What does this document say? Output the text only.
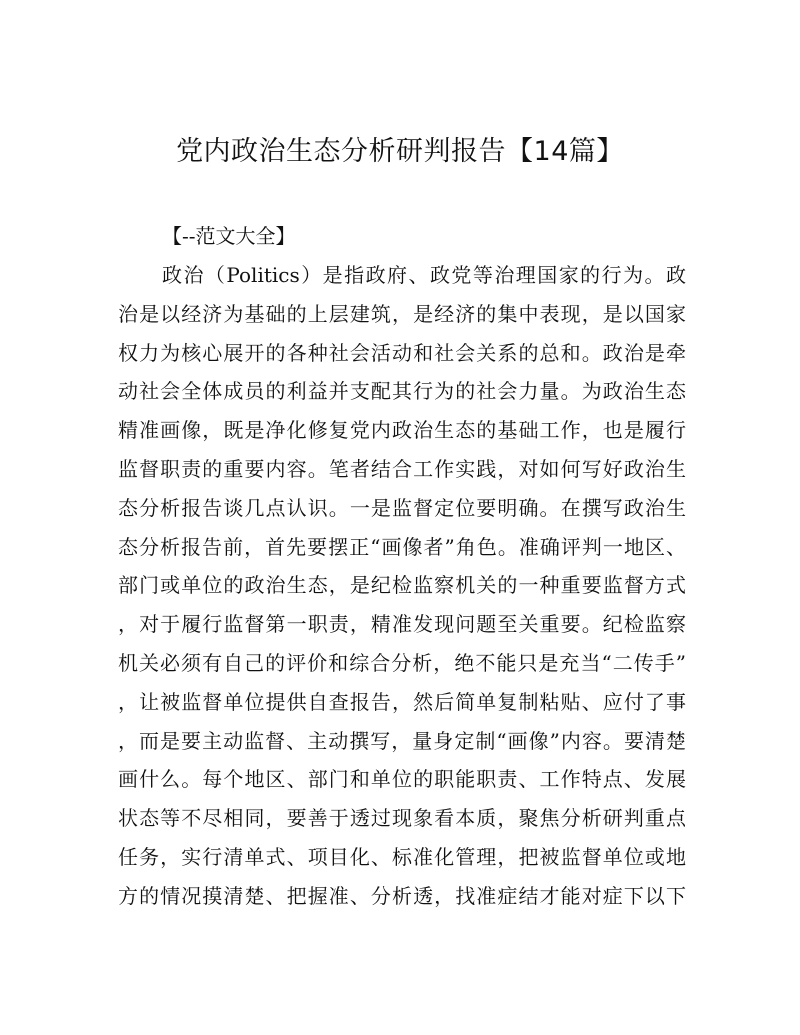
党内政治生态分析研判报告【14篇】

【--范文大全】

政治（Politics）是指政府、政党等治理国家的行为。政
治是以经济为基础的上层建筑，是经济的集中表现，是以国家
权力为核心展开的各种社会活动和社会关系的总和。政治是牵
动社会全体成员的利益并支配其行为的社会力量。为政治生态
精准画像，既是净化修复党内政治生态的基础工作，也是履行
监督职责的重要内容。笔者结合工作实践，对如何写好政治生
态分析报告谈几点认识。一是监督定位要明确。在撰写政治生
态分析报告前，首先要摆正“画像者”角色。准确评判一地区、
部门或单位的政治生态，是纪检监察机关的一种重要监督方式
，对于履行监督第一职责，精准发现问题至关重要。纪检监察
机关必须有自己的评价和综合分析，绝不能只是充当“二传手”
，让被监督单位提供自查报告，然后简单复制粘贴、应付了事
，而是要主动监督、主动撰写，量身定制“画像”内容。要清楚
画什么。每个地区、部门和单位的职能职责、工作特点、发展
状态等不尽相同，要善于透过现象看本质，聚焦分析研判重点
任务，实行清单式、项目化、标准化管理，把被监督单位或地
方的情况摸清楚、把握准、分析透，找准症结才能对症下以下
